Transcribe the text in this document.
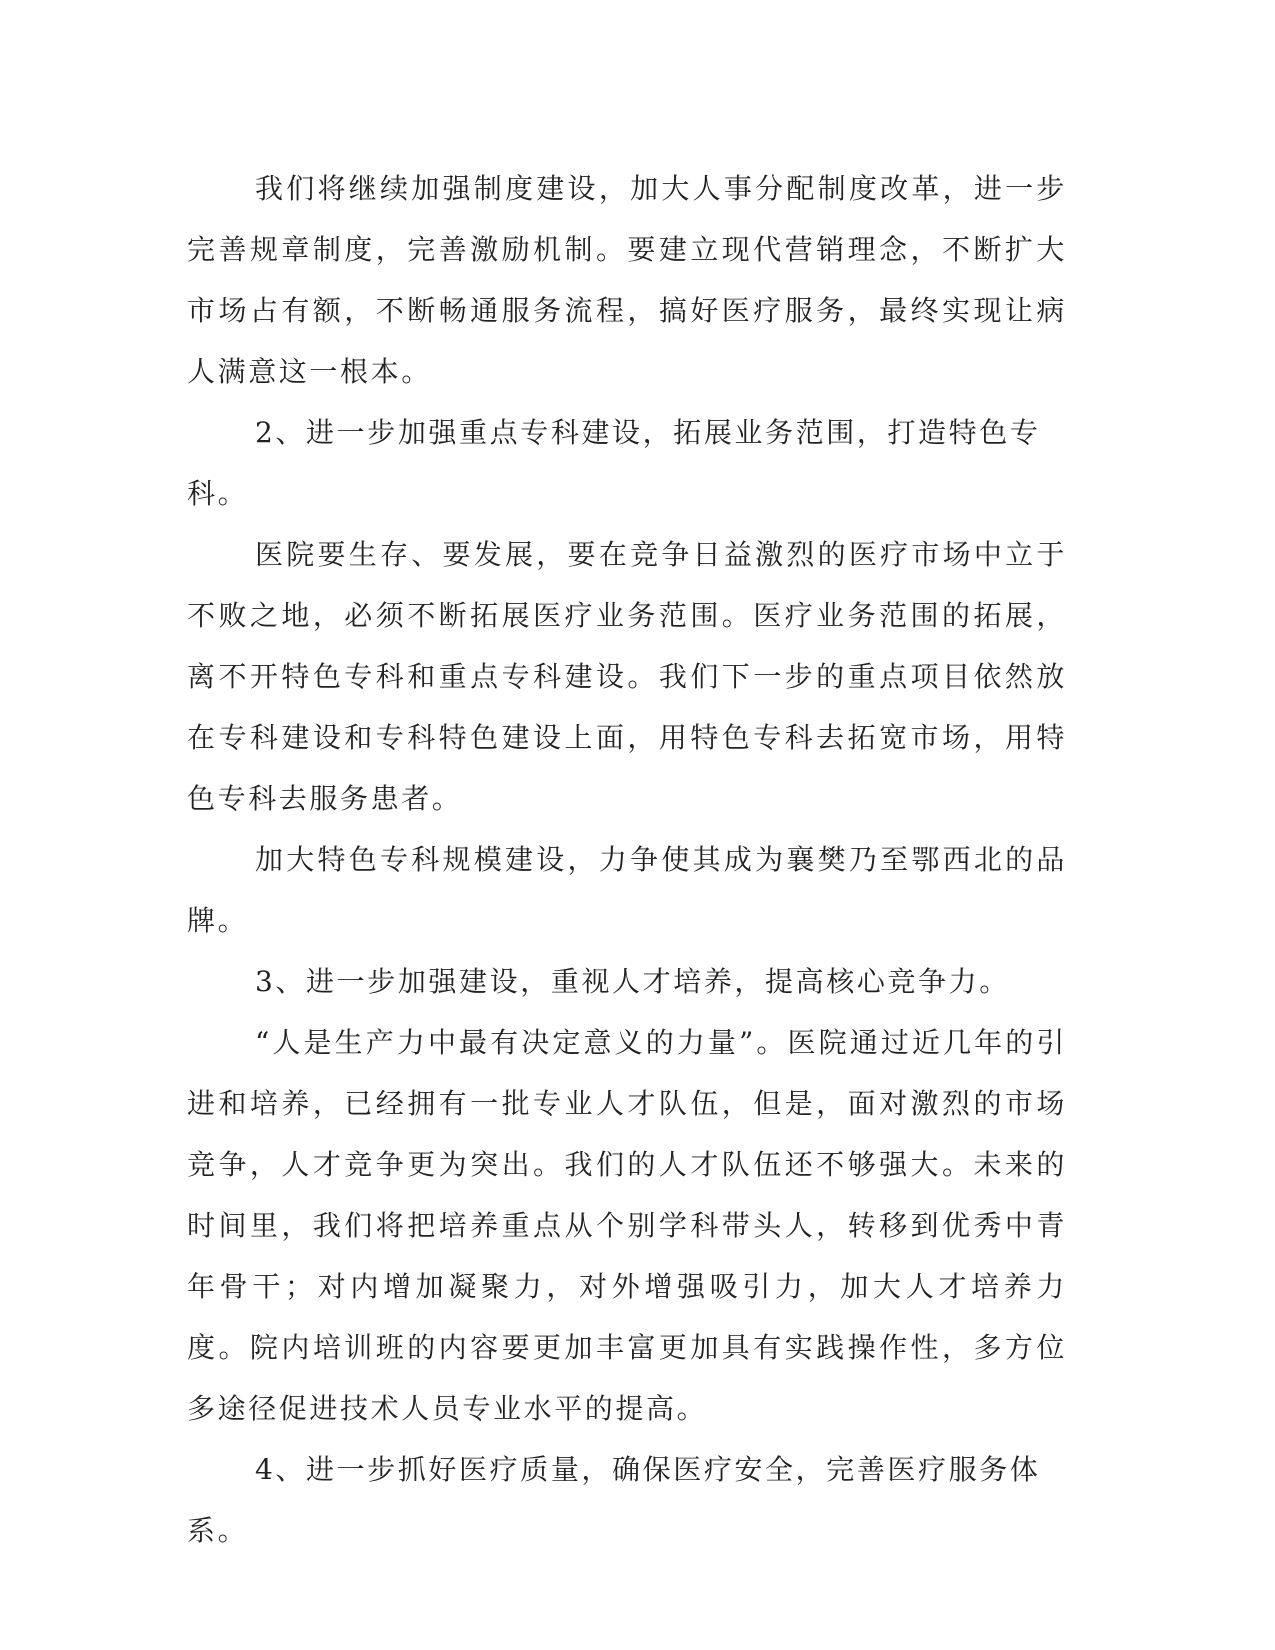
我们将继续加强制度建设，加大人事分配制度改革，进一步完善规章制度，完善激励机制。要建立现代营销理念，不断扩大市场占有额，不断畅通服务流程，搞好医疗服务，最终实现让病人满意这一根本。

2、进一步加强重点专科建设，拓展业务范围，打造特色专科。

医院要生存、要发展，要在竞争日益激烈的医疗市场中立于不败之地，必须不断拓展医疗业务范围。医疗业务范围的拓展，离不开特色专科和重点专科建设。我们下一步的重点项目依然放在专科建设和专科特色建设上面，用特色专科去拓宽市场，用特色专科去服务患者。

加大特色专科规模建设，力争使其成为襄樊乃至鄂西北的品牌。

3、进一步加强建设，重视人才培养，提高核心竞争力。

“人是生产力中最有决定意义的力量”。医院通过近几年的引进和培养，已经拥有一批专业人才队伍，但是，面对激烈的市场竞争，人才竞争更为突出。我们的人才队伍还不够强大。未来的时间里，我们将把培养重点从个别学科带头人，转移到优秀中青年骨干；对内增加凝聚力，对外增强吸引力，加大人才培养力度。院内培训班的内容要更加丰富更加具有实践操作性，多方位多途径促进技术人员专业水平的提高。

4、进一步抓好医疗质量，确保医疗安全，完善医疗服务体系。
